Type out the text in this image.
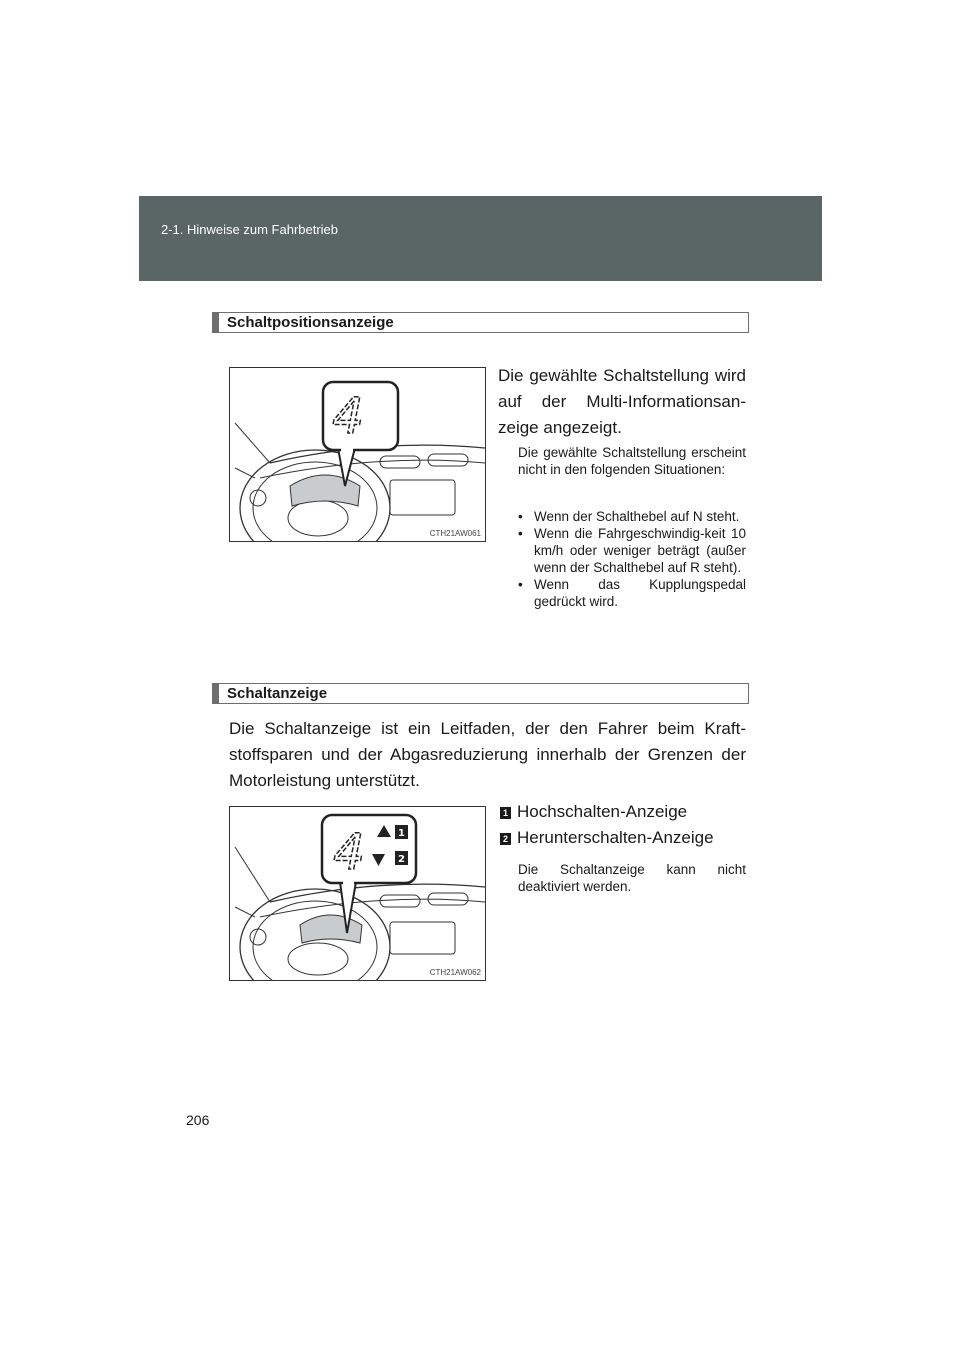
2-1. Hinweise zum Fahrbetrieb
Schaltpositionsanzeige
4
CTH21AW061
Die gewählte Schaltstellung wird auf der Multi-Informationsan-zeige angezeigt.
Die gewählte Schaltstellung erscheint nicht in den folgenden Situationen:
• Wenn der Schalthebel auf N steht.
• Wenn die Fahrgeschwindig-keit 10 km/h oder weniger beträgt (außer wenn der Schalthebel auf R steht).
• Wenn das Kupplungspedal gedrückt wird.
Schaltanzeige
Die Schaltanzeige ist ein Leitfaden, der den Fahrer beim Kraft-stoffsparen und der Abgasreduzierung innerhalb der Grenzen der Motorleistung unterstützt.
4	1
2
CTH21AW062
1 Hochschalten-Anzeige
2 Herunterschalten-Anzeige
Die Schaltanzeige kann nicht deaktiviert werden.
206
